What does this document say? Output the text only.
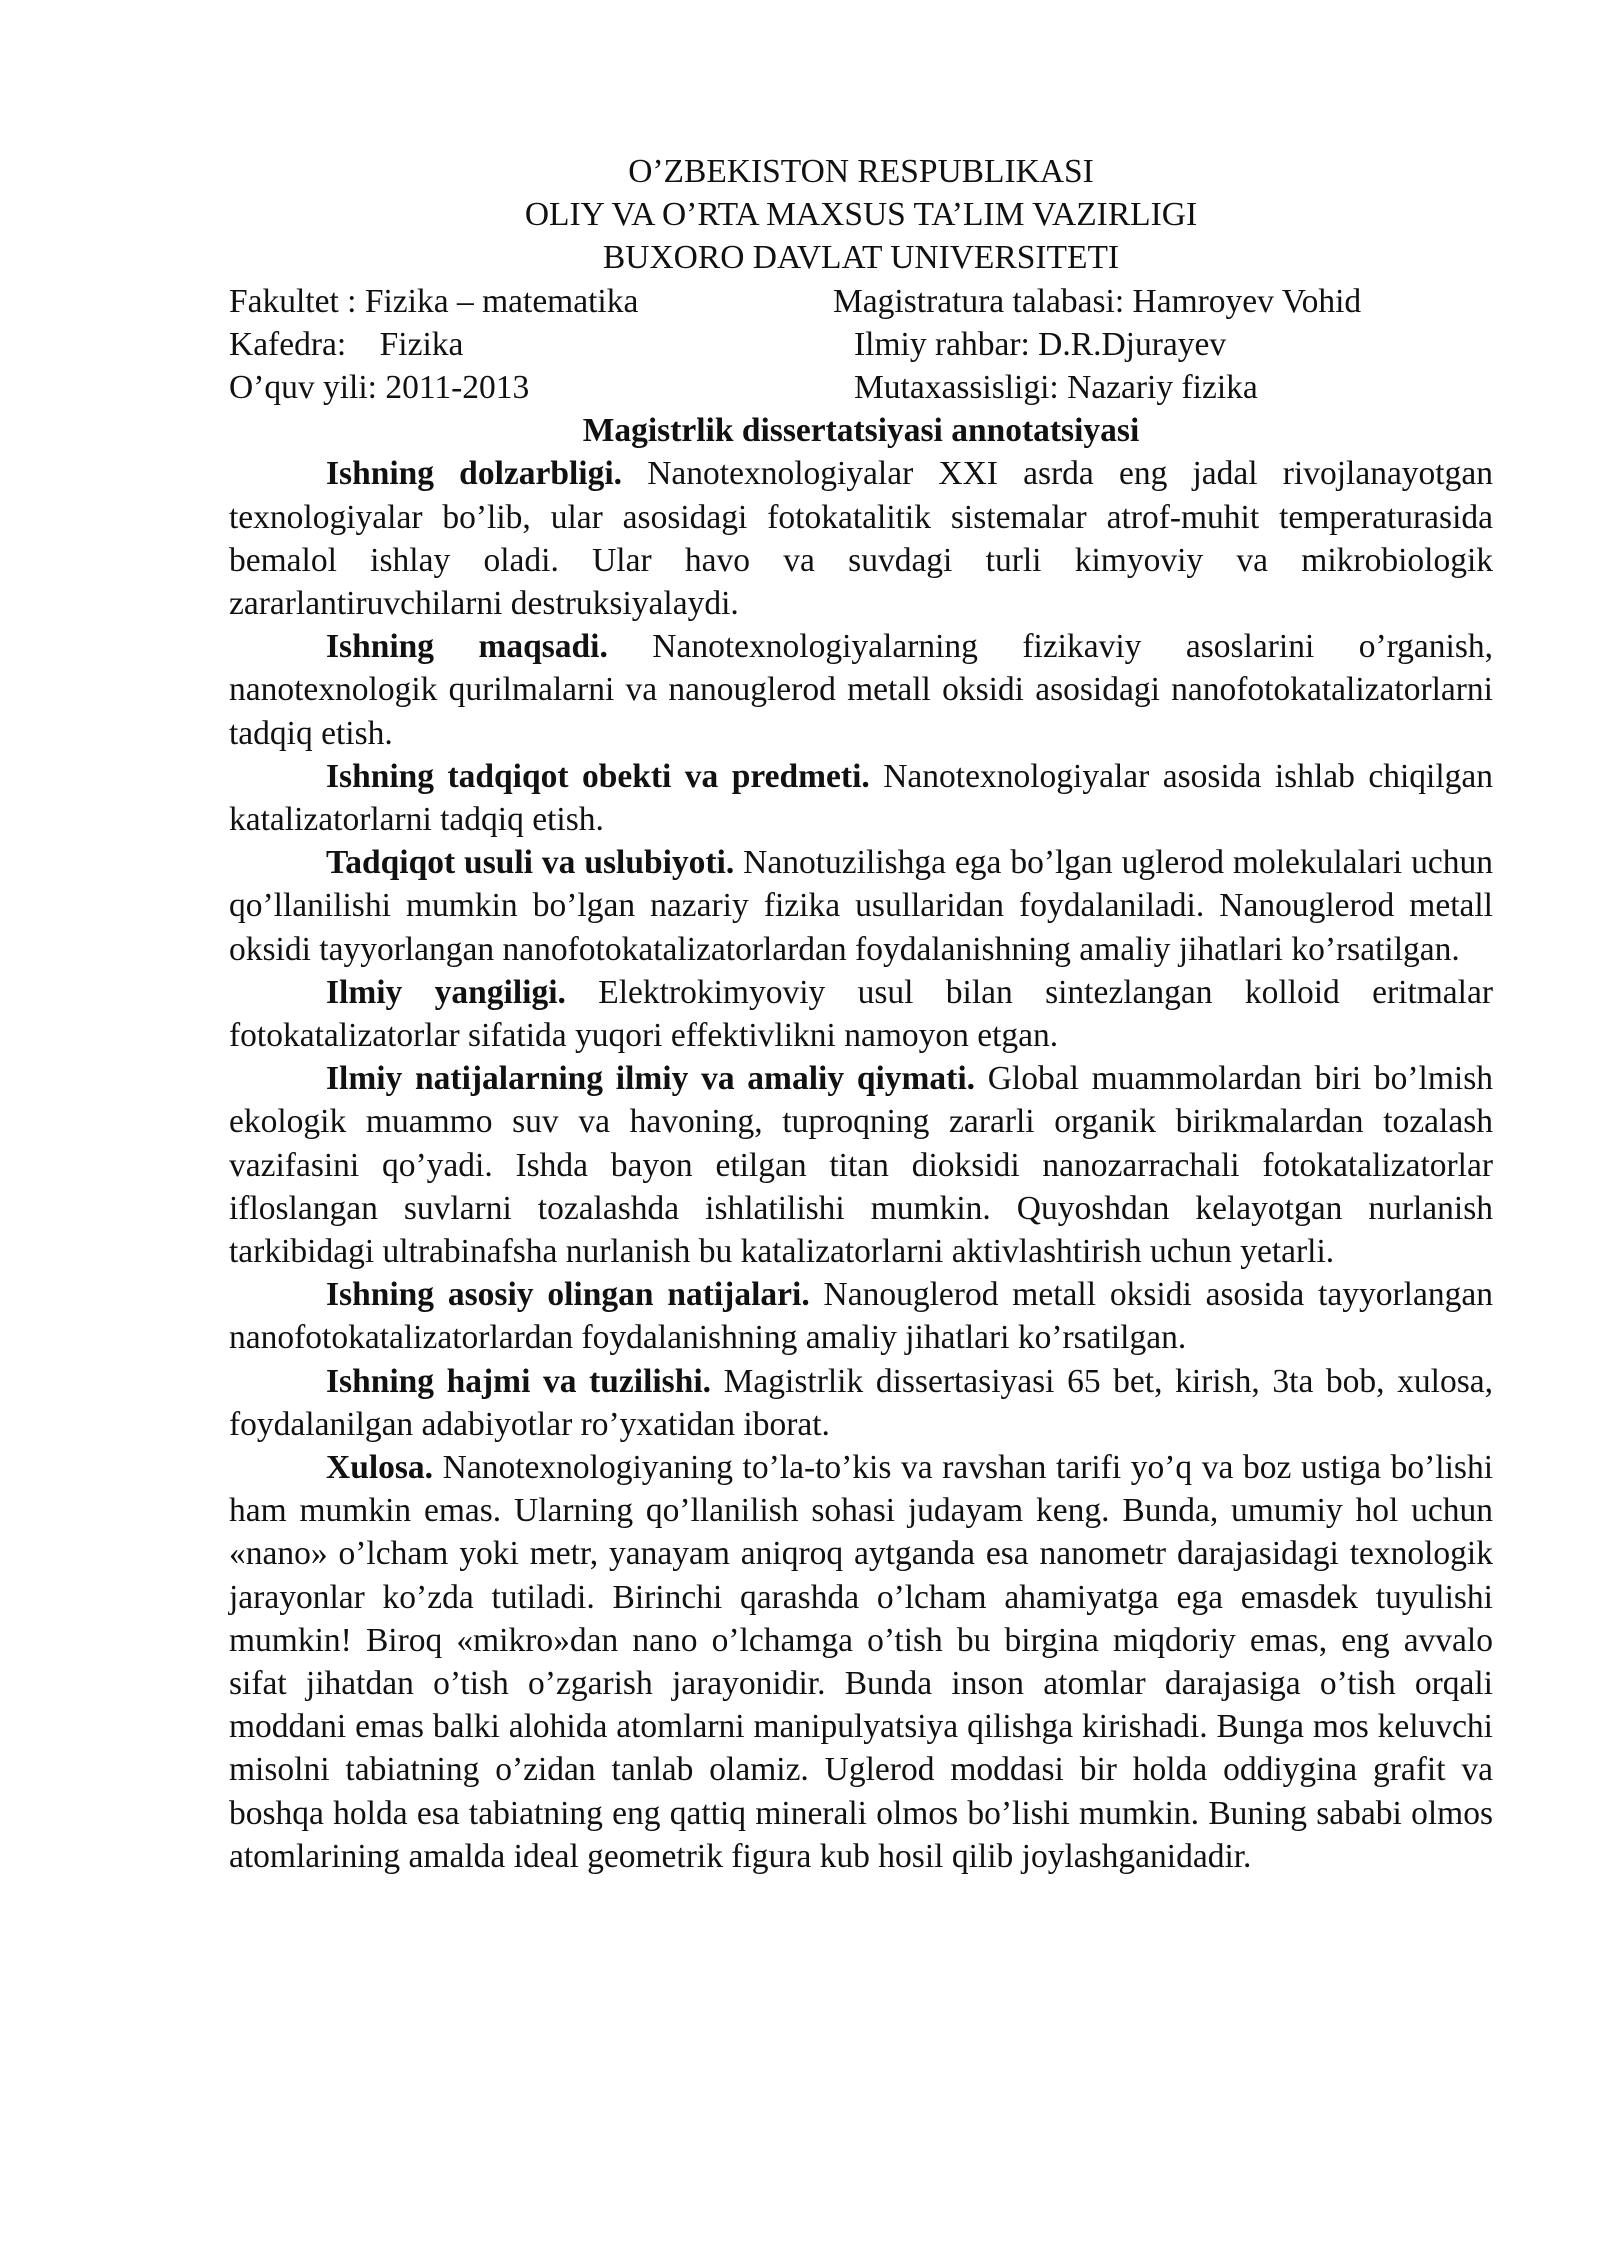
O’ZBEKISTON RESPUBLIKASI
OLIY VA O’RTA MAXSUS TA’LIM VAZIRLIGI
BUXORO DAVLAT UNIVERSITETI
Fakultet : Fizika – matematika	Magistratura talabasi: Hamroyev Vohid
Kafedra:    Fizika	Ilmiy rahbar: D.R.Djurayev
O’quv yili: 2011-2013	Mutaxassisligi: Nazariy fizika
Magistrlik dissertatsiyasi annotatsiyasi

Ishning dolzarbligi. Nanotexnologiyalar XXI asrda eng jadal rivojlanayotgan texnologiyalar bo’lib, ular asosidagi fotokatalitik sistemalar atrof-muhit temperaturasida bemalol ishlay oladi. Ular havo va suvdagi turli kimyoviy va mikrobiologik zararlantiruvchilarni destruksiyalaydi.

Ishning maqsadi. Nanotexnologiyalarning fizikaviy asoslarini o’rganish, nanotexnologik qurilmalarni va nanouglerod metall oksidi asosidagi nanofotokatalizatorlarni tadqiq etish.

Ishning tadqiqot obekti va predmeti. Nanotexnologiyalar asosida ishlab chiqilgan katalizatorlarni tadqiq etish.

Tadqiqot usuli va uslubiyoti. Nanotuzilishga ega bo’lgan uglerod molekulalari uchun qo’llanilishi mumkin bo’lgan nazariy fizika usullaridan foydalaniladi. Nanouglerod metall oksidi tayyorlangan nanofotokatalizatorlardan foydalanishning amaliy jihatlari ko’rsatilgan.

Ilmiy yangiligi. Elektrokimyoviy usul bilan sintezlangan kolloid eritmalar fotokatalizatorlar sifatida yuqori effektivlikni namoyon etgan.

Ilmiy natijalarning ilmiy va amaliy qiymati. Global muammolardan biri bo’lmish ekologik muammo suv va havoning, tuproqning zararli organik birikmalardan tozalash vazifasini qo’yadi. Ishda bayon etilgan titan dioksidi nanozarrachali fotokatalizatorlar ifloslangan suvlarni tozalashda ishlatilishi mumkin. Quyoshdan kelayotgan nurlanish tarkibidagi ultrabinafsha nurlanish bu katalizatorlarni aktivlashtirish uchun yetarli.

Ishning asosiy olingan natijalari. Nanouglerod metall oksidi asosida tayyorlangan nanofotokatalizatorlardan foydalanishning amaliy jihatlari ko’rsatilgan.

Ishning hajmi va tuzilishi. Magistrlik dissertasiyasi 65 bet, kirish, 3ta bob, xulosa, foydalanilgan adabiyotlar ro’yxatidan iborat.

Xulosa. Nanotexnologiyaning to’la-to’kis va ravshan tarifi yo’q va boz ustiga bo’lishi ham mumkin emas. Ularning qo’llanilish sohasi judayam keng. Bunda, umumiy hol uchun «nano» o’lcham yoki metr, yanayam aniqroq aytganda esa nanometr darajasidagi texnologik jarayonlar ko’zda tutiladi. Birinchi qarashda o’lcham ahamiyatga ega emasdek tuyulishi mumkin! Biroq «mikro»dan nano o’lchamga o’tish bu birgina miqdoriy emas, eng avvalo sifat jihatdan o’tish o’zgarish jarayonidir. Bunda inson atomlar darajasiga o’tish orqali moddani emas balki alohida atomlarni manipulyatsiya qilishga kirishadi. Bunga mos keluvchi misolni tabiatning o’zidan tanlab olamiz. Uglerod moddasi bir holda oddiygina grafit va boshqa holda esa tabiatning eng qattiq minerali olmos bo’lishi mumkin. Buning sababi olmos atomlarining amalda ideal geometrik figura kub hosil qilib joylashganidadir.
